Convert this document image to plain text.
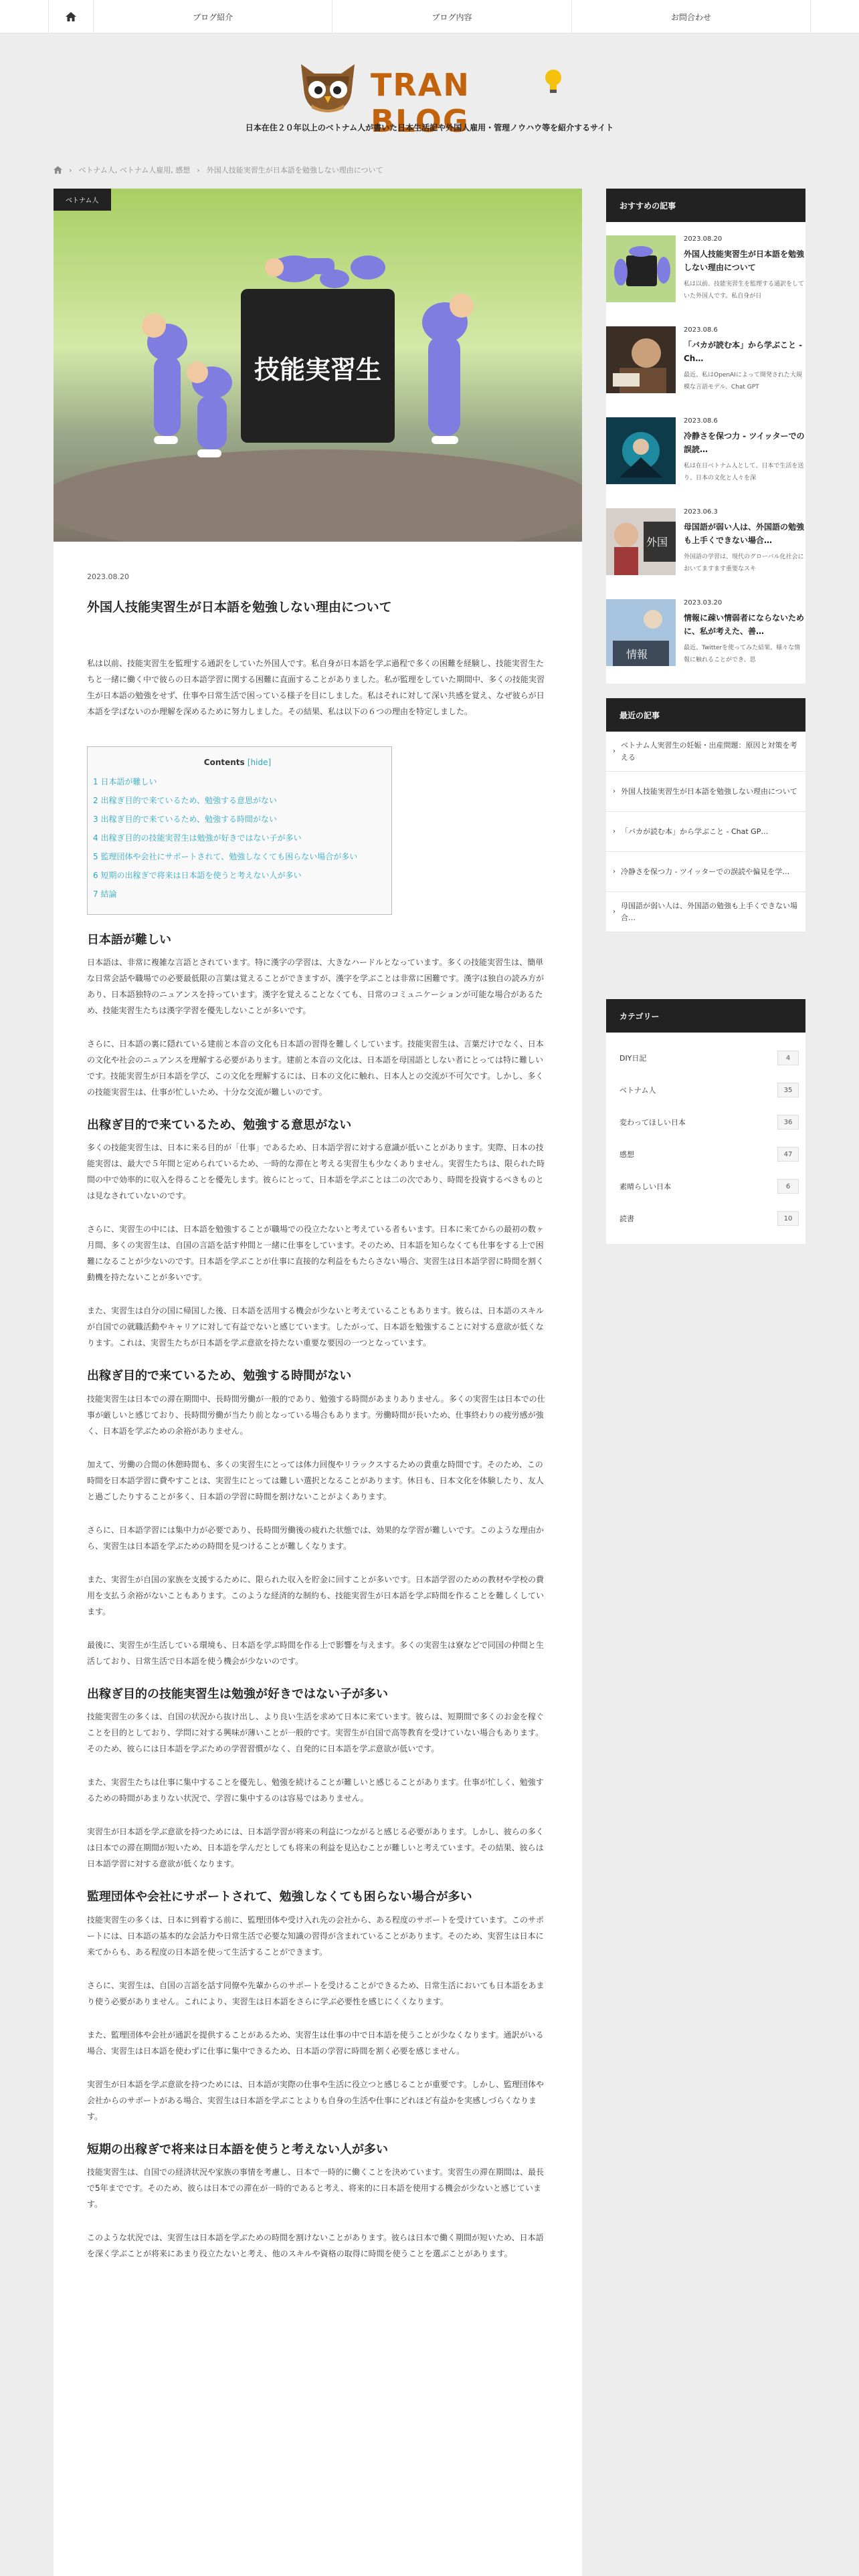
ブログ紹介	ブログ内容	お問合わせ
TRAN BLOG
日本在住２０年以上のベトナム人が書いた日本生活記や外国人雇用・管理ノウハウ等を紹介するサイト
› ベトナム人, ベトナム人雇用, 感想 › 外国人技能実習生が日本語を勉強しない理由について
技能実習生
ベトナム人
2023.08.20
外国人技能実習生が日本語を勉強しない理由について
私は以前、技能実習生を監理する通訳をしていた外国人です。私自身が日本語を学ぶ過程で多くの困難を経験し、技能実習生たちと一緒に働く中で彼らの日本語学習に関する困難に直面することがありました。私が監理をしていた期間中、多くの技能実習生が日本語の勉強をせず、仕事や日常生活で困っている様子を目にしました。私はそれに対して深い共感を覚え、なぜ彼らが日本語を学ばないのか理解を深めるために努力しました。その結果、私は以下の６つの理由を特定しました。
Contents [hide]
1 日本語が難しい
2 出稼ぎ目的で来ているため、勉強する意思がない
3 出稼ぎ目的で来ているため、勉強する時間がない
4 出稼ぎ目的の技能実習生は勉強が好きではない子が多い
5 監理団体や会社にサポートされて、勉強しなくても困らない場合が多い
6 短期の出稼ぎで将来は日本語を使うと考えない人が多い
7 結論
日本語が難しい

日本語は、非常に複雑な言語とされています。特に漢字の学習は、大きなハードルとなっています。多くの技能実習生は、簡単な日常会話や職場での必要最低限の言葉は覚えることができますが、漢字を学ぶことは非常に困難です。漢字は独自の読み方があり、日本語独特のニュアンスを持っています。漢字を覚えることなくても、日常のコミュニケーションが可能な場合があるため、技能実習生たちは漢字学習を優先しないことが多いです。

さらに、日本語の裏に隠れている建前と本音の文化も日本語の習得を難しくしています。技能実習生は、言葉だけでなく、日本の文化や社会のニュアンスを理解する必要があります。建前と本音の文化は、日本語を母国語としない者にとっては特に難しいです。技能実習生が日本語を学び、この文化を理解するには、日本の文化に触れ、日本人との交流が不可欠です。しかし、多くの技能実習生は、仕事が忙しいため、十分な交流が難しいのです。

出稼ぎ目的で来ているため、勉強する意思がない

多くの技能実習生は、日本に来る目的が「仕事」であるため、日本語学習に対する意識が低いことがあります。実際、日本の技能実習は、最大で５年間と定められているため、一時的な滞在と考える実習生も少なくありません。実習生たちは、限られた時間の中で効率的に収入を得ることを優先します。彼らにとって、日本語を学ぶことは二の次であり、時間を投資するべきものとは見なされていないのです。

さらに、実習生の中には、日本語を勉強することが職場での役立たないと考えている者もいます。日本に来てからの最初の数ヶ月間、多くの実習生は、自国の言語を話す仲間と一緒に仕事をしています。そのため、日本語を知らなくても仕事をする上で困難になることが少ないのです。日本語を学ぶことが仕事に直接的な利益をもたらさない場合、実習生は日本語学習に時間を割く動機を持たないことが多いです。

また、実習生は自分の国に帰国した後、日本語を活用する機会が少ないと考えていることもあります。彼らは、日本語のスキルが自国での就職活動やキャリアに対して有益でないと感じています。したがって、日本語を勉強することに対する意欲が低くなります。これは、実習生たちが日本語を学ぶ意欲を持たない重要な要因の一つとなっています。

出稼ぎ目的で来ているため、勉強する時間がない

技能実習生は日本での滞在期間中、長時間労働が一般的であり、勉強する時間があまりありません。多くの実習生は日本での仕事が厳しいと感じており、長時間労働が当たり前となっている場合もあります。労働時間が長いため、仕事終わりの疲労感が強く、日本語を学ぶための余裕がありません。

加えて、労働の合間の休憩時間も、多くの実習生にとっては体力回復やリラックスするための貴重な時間です。そのため、この時間を日本語学習に費やすことは、実習生にとっては難しい選択となることがあります。休日も、日本文化を体験したり、友人と過ごしたりすることが多く、日本語の学習に時間を割けないことがよくあります。

さらに、日本語学習には集中力が必要であり、長時間労働後の疲れた状態では、効果的な学習が難しいです。このような理由から、実習生は日本語を学ぶための時間を見つけることが難しくなります。

また、実習生が自国の家族を支援するために、限られた収入を貯金に回すことが多いです。日本語学習のための教材や学校の費用を支払う余裕がないこともあります。このような経済的な制約も、技能実習生が日本語を学ぶ時間を作ることを難しくしています。

最後に、実習生が生活している環境も、日本語を学ぶ時間を作る上で影響を与えます。多くの実習生は寮などで同国の仲間と生活しており、日常生活で日本語を使う機会が少ないのです。

出稼ぎ目的の技能実習生は勉強が好きではない子が多い

技能実習生の多くは、自国の状況から抜け出し、より良い生活を求めて日本に来ています。彼らは、短期間で多くのお金を稼ぐことを目的としており、学問に対する興味が薄いことが一般的です。実習生が自国で高等教育を受けていない場合もあります。そのため、彼らには日本語を学ぶための学習習慣がなく、自発的に日本語を学ぶ意欲が低いです。

また、実習生たちは仕事に集中することを優先し、勉強を続けることが難しいと感じることがあります。仕事が忙しく、勉強するための時間があまりない状況で、学習に集中するのは容易ではありません。

実習生が日本語を学ぶ意欲を持つためには、日本語学習が将来の利益につながると感じる必要があります。しかし、彼らの多くは日本での滞在期間が短いため、日本語を学んだとしても将来の利益を見込むことが難しいと考えています。その結果、彼らは日本語学習に対する意欲が低くなります。

監理団体や会社にサポートされて、勉強しなくても困らない場合が多い

技能実習生の多くは、日本に到着する前に、監理団体や受け入れ先の会社から、ある程度のサポートを受けています。このサポートには、日本語の基本的な会話力や日常生活で必要な知識の習得が含まれていることがあります。そのため、実習生は日本に来てからも、ある程度の日本語を使って生活することができます。

さらに、実習生は、自国の言語を話す同僚や先輩からのサポートを受けることができるため、日常生活においても日本語をあまり使う必要がありません。これにより、実習生は日本語をさらに学ぶ必要性を感じにくくなります。

また、監理団体や会社が通訳を提供することがあるため、実習生は仕事の中で日本語を使うことが少なくなります。通訳がいる場合、実習生は日本語を使わずに仕事に集中できるため、日本語の学習に時間を割く必要を感じません。

実習生が日本語を学ぶ意欲を持つためには、日本語が実際の仕事や生活に役立つと感じることが重要です。しかし、監理団体や会社からのサポートがある場合、実習生は日本語を学ぶことよりも自身の生活や仕事にどれほど有益かを実感しづらくなります。

短期の出稼ぎで将来は日本語を使うと考えない人が多い

技能実習生は、自国での経済状況や家族の事情を考慮し、日本で一時的に働くことを決めています。実習生の滞在期間は、最長で5年までです。そのため、彼らは日本での滞在が一時的であると考え、将来的に日本語を使用する機会が少ないと感じています。

このような状況では、実習生は日本語を学ぶための時間を割けないことがあります。彼らは日本で働く期間が短いため、日本語を深く学ぶことが将来にあまり役立たないと考え、他のスキルや資格の取得に時間を使うことを選ぶことがあります。

おすすめの記事
2023.08.20
外国人技能実習生が日本語を勉強しない理由について
私は以前、技能実習生を監理する通訳をしていた外国人です。私自身が日
2023.08.6
「バカが読む本」から学ぶこと - Ch…
最近、私はOpenAIによって開発された大規模な言語モデル、Chat GPT
2023.08.6
冷静さを保つ力 - ツイッターでの誤読…
私は在日ベトナム人として、日本で生活を送り、日本の文化と人々を深
外国
2023.06.3
母国語が弱い人は、外国語の勉強も上手くできない場合…
外国語の学習は、現代のグローバル化社会においてますます重要なスキ
情報
2023.03.20
情報に疎い情弱者にならないために、私が考えた、善…
最近、Twitterを使ってみた結果、様々な情報に触れることができ、思
最近の記事
›
ベトナム人実習生の妊娠・出産問題：原因と対策を考える
› 外国人技能実習生が日本語を勉強しない理由について
› 「バカが読む本」から学ぶこと - Chat GP…
› 冷静さを保つ力 - ツイッターでの誤読や偏見を学…
›
母国語が弱い人は、外国語の勉強も上手くできない場合…
カテゴリー
DIY日記	4
ベトナム人	35
変わってほしい日本	36
感想	47
素晴らしい日本	6
読書	10
